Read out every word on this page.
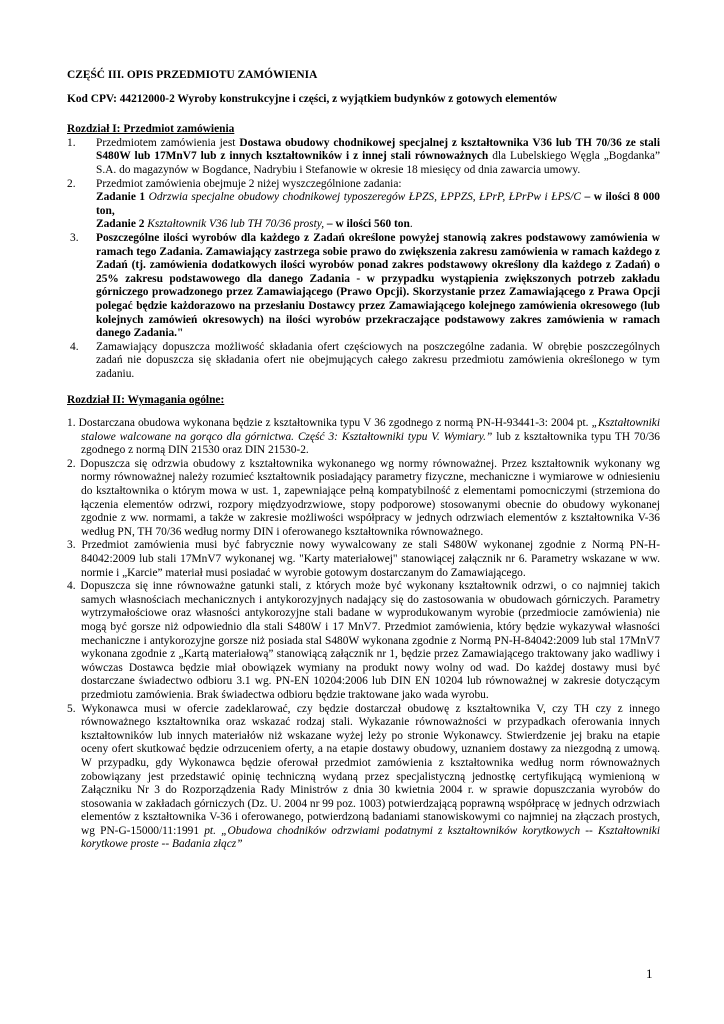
CZĘŚĆ III. OPIS PRZEDMIOTU ZAMÓWIENIA
Kod CPV: 44212000-2 Wyroby konstrukcyjne i części, z wyjątkiem budynków z gotowych elementów
Rozdział I: Przedmiot zamówienia
1.	Przedmiotem zamówienia jest Dostawa obudowy chodnikowej specjalnej z kształtownika V36 lub TH 70/36 ze stali S480W lub 17MnV7 lub z innych kształtowników i z innej stali równoważnych dla Lubelskiego Węgla „Bogdanka” S.A. do magazynów w Bogdance, Nadrybiu i Stefanowie w okresie 18 miesięcy od dnia zawarcia umowy.
2.	Przedmiot zamówienia obejmuje 2 niżej wyszczególnione zadania:

Zadanie 1 Odrzwia specjalne obudowy chodnikowej typoszeregów ŁPZS, ŁPPZS, ŁPrP, ŁPrPw i ŁPS/C – w ilości 8 000 ton,

Zadanie 2 Kształtownik V36 lub TH 70/36 prosty, – w ilości 560 ton.

3.	Poszczególne ilości wyrobów dla każdego z Zadań określone powyżej stanowią zakres podstawowy zamówienia w ramach tego Zadania. Zamawiający zastrzega sobie prawo do zwiększenia zakresu zamówienia w ramach każdego z Zadań (tj. zamówienia dodatkowych ilości wyrobów ponad zakres podstawowy określony dla każdego z Zadań) o 25% zakresu podstawowego dla danego Zadania - w przypadku wystąpienia zwiększonych potrzeb zakładu górniczego prowadzonego przez Zamawiającego (Prawo Opcji). Skorzystanie przez Zamawiającego z Prawa Opcji polegać będzie każdorazowo na przesłaniu Dostawcy przez Zamawiającego kolejnego zamówienia okresowego (lub kolejnych zamówień okresowych) na ilości wyrobów przekraczające podstawowy zakres zamówienia w ramach danego Zadania."
4.	Zamawiający dopuszcza możliwość składania ofert częściowych na poszczególne zadania. W obrębie poszczególnych zadań nie dopuszcza się składania ofert nie obejmujących całego zakresu przedmiotu zamówienia określonego w tym zadaniu.
Rozdział II: Wymagania ogólne:

1. Dostarczana obudowa wykonana będzie z kształtownika typu V 36 zgodnego z normą PN-H-93441-3: 2004 pt. „Kształtowniki stalowe walcowane na gorąco dla górnictwa. Część 3: Kształtowniki typu V. Wymiary.” lub z kształtownika typu TH 70/36 zgodnego z normą DIN 21530 oraz DIN 21530-2.

2. Dopuszcza się odrzwia obudowy z kształtownika wykonanego wg normy równoważnej. Przez kształtownik wykonany wg normy równoważnej należy rozumieć kształtownik posiadający parametry fizyczne, mechaniczne i wymiarowe w odniesieniu do kształtownika o którym mowa w ust. 1, zapewniające pełną kompatybilność z elementami pomocniczymi (strzemiona do łączenia elementów odrzwi, rozpory międzyodrzwiowe, stopy podporowe) stosowanymi obecnie do obudowy wykonanej zgodnie z ww. normami, a także w zakresie możliwości współpracy w jednych odrzwiach elementów z kształtownika V-36 według PN, TH 70/36 według normy DIN i oferowanego kształtownika równoważnego.

3. Przedmiot zamówienia musi być fabrycznie nowy wywalcowany ze stali S480W wykonanej zgodnie z Normą PN-H-84042:2009 lub stali 17MnV7 wykonanej wg. "Karty materiałowej" stanowiącej załącznik nr 6. Parametry wskazane w ww. normie i „Karcie” materiał musi posiadać w wyrobie gotowym dostarczanym do Zamawiającego.

4. Dopuszcza się inne równoważne gatunki stali, z których może być wykonany kształtownik odrzwi, o co najmniej takich samych własnościach mechanicznych i antykorozyjnych nadający się do zastosowania w obudowach górniczych. Parametry wytrzymałościowe oraz własności antykorozyjne stali badane w wyprodukowanym wyrobie (przedmiocie zamówienia) nie mogą być gorsze niż odpowiednio dla stali S480W i 17 MnV7. Przedmiot zamówienia, który będzie wykazywał własności mechaniczne i antykorozyjne gorsze niż posiada stal S480W wykonana zgodnie z Normą PN-H-84042:2009 lub stal 17MnV7 wykonana zgodnie z „Kartą materiałową” stanowiącą załącznik nr 1, będzie przez Zamawiającego traktowany jako wadliwy i wówczas Dostawca będzie miał obowiązek wymiany na produkt nowy wolny od wad. Do każdej dostawy musi być dostarczane świadectwo odbioru 3.1 wg. PN-EN 10204:2006 lub DIN EN 10204 lub równoważnej w zakresie dotyczącym przedmiotu zamówienia. Brak świadectwa odbioru będzie traktowane jako wada wyrobu.

5. Wykonawca musi w ofercie zadeklarować, czy będzie dostarczał obudowę z kształtownika V, czy TH czy z innego równoważnego kształtownika oraz wskazać rodzaj stali. Wykazanie równoważności w przypadkach oferowania innych kształtowników lub innych materiałów niż wskazane wyżej leży po stronie Wykonawcy. Stwierdzenie jej braku na etapie oceny ofert skutkować będzie odrzuceniem oferty, a na etapie dostawy obudowy, uznaniem dostawy za niezgodną z umową. W przypadku, gdy Wykonawca będzie oferował przedmiot zamówienia z kształtownika według norm równoważnych zobowiązany jest przedstawić opinię techniczną wydaną przez specjalistyczną jednostkę certyfikującą wymienioną w Załączniku Nr 3 do Rozporządzenia Rady Ministrów z dnia 30 kwietnia 2004 r. w sprawie dopuszczania wyrobów do stosowania w zakładach górniczych (Dz. U. 2004 nr 99 poz. 1003) potwierdzającą poprawną współpracę w jednych odrzwiach elementów z kształtownika V-36 i oferowanego, potwierdzoną badaniami stanowiskowymi co najmniej na złączach prostych, wg PN-G-15000/11:1991 pt. „Obudowa chodników odrzwiami podatnymi z kształtowników korytkowych -- Kształtowniki korytkowe proste -- Badania złącz”

1
